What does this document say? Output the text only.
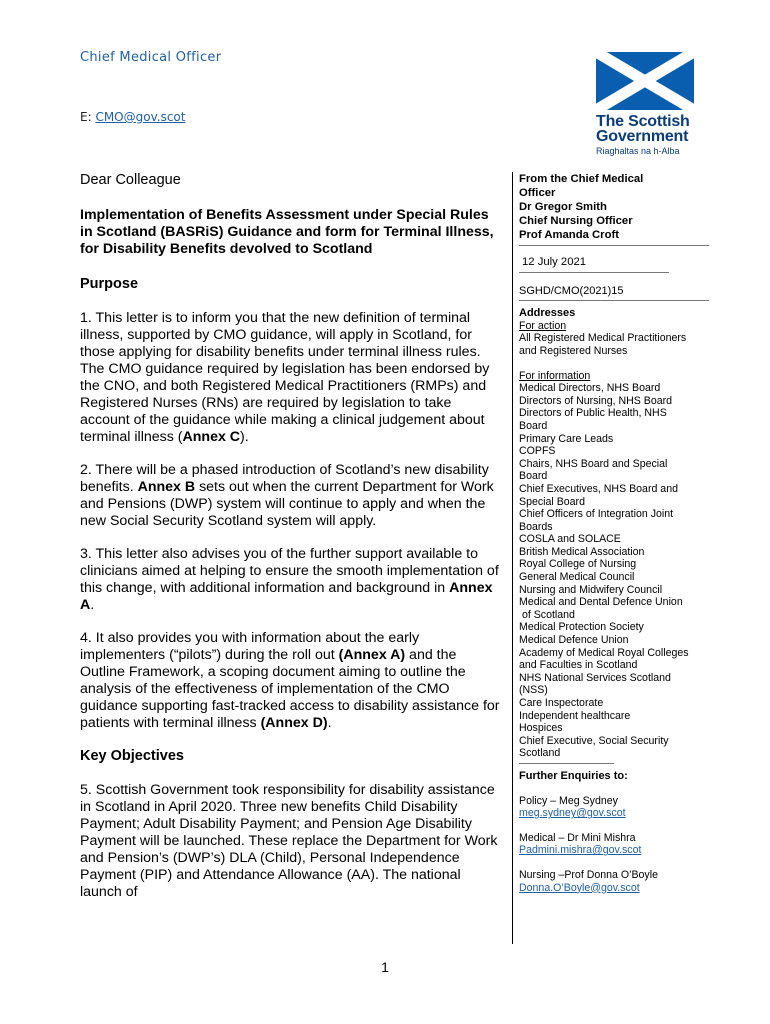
Chief Medical Officer
E: CMO@gov.scot	The Scottish
Government
Riaghaltas na h-Alba

Dear Colleague

Implementation of Benefits Assessment under Special Rules in Scotland (BASRiS) Guidance and form for Terminal Illness, for Disability Benefits devolved to Scotland

Purpose

1. This letter is to inform you that the new definition of terminal illness, supported by CMO guidance, will apply in Scotland, for those applying for disability benefits under terminal illness rules. The CMO guidance required by legislation has been endorsed by the CNO, and both Registered Medical Practitioners (RMPs) and Registered Nurses (RNs) are required by legislation to take account of the guidance while making a clinical judgement about terminal illness (Annex C).

2. There will be a phased introduction of Scotland’s new disability benefits. Annex B sets out when the current Department for Work and Pensions (DWP) system will continue to apply and when the new Social Security Scotland system will apply.

3. This letter also advises you of the further support available to clinicians aimed at helping to ensure the smooth implementation of this change, with additional information and background in Annex A.

4. It also provides you with information about the early implementers (“pilots”) during the roll out (Annex A) and the Outline Framework, a scoping document aiming to outline the analysis of the effectiveness of implementation of the CMO guidance supporting fast-tracked access to disability assistance for patients with terminal illness (Annex D).

Key Objectives

5. Scottish Government took responsibility for disability assistance in Scotland in April 2020. Three new benefits Child Disability Payment; Adult Disability Payment; and Pension Age Disability Payment will be launched. These replace the Department for Work and Pension’s (DWP’s) DLA (Child), Personal Independence Payment (PIP) and Attendance Allowance (AA). The national launch of

From the Chief Medical
Officer
Dr Gregor Smith
Chief Nursing Officer
Prof Amanda Croft
12 July 2021
SGHD/CMO(2021)15
Addresses
For action
All Registered Medical Practitioners
and Registered Nurses
For information
Medical Directors, NHS Board
Directors of Nursing, NHS Board
Directors of Public Health, NHS
Board
Primary Care Leads
COPFS
Chairs, NHS Board and Special
Board
Chief Executives, NHS Board and
Special Board
Chief Officers of Integration Joint
Boards
COSLA and SOLACE
British Medical Association
Royal College of Nursing
General Medical Council
Nursing and Midwifery Council
Medical and Dental Defence Union
of Scotland
Medical Protection Society
Medical Defence Union
Academy of Medical Royal Colleges
and Faculties in Scotland
NHS National Services Scotland
(NSS)
Care Inspectorate
Independent healthcare
Hospices
Chief Executive, Social Security
Scotland
Further Enquiries to:
Policy – Meg Sydney
meg.sydney@gov.scot
Medical – Dr Mini Mishra
Padmini.mishra@gov.scot
Nursing –Prof Donna O’Boyle
Donna.O’Boyle@gov.scot
1
